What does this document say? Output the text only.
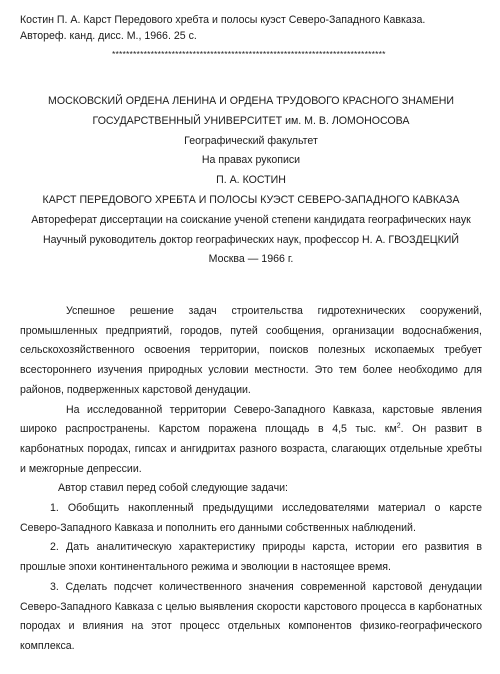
Костин П. А. Карст Передового хребта и полосы куэст Северо-Западного Кавказа.
Автореф. канд. дисс. М., 1966. 25 с.
******************************************************************************
МОСКОВСКИЙ ОРДЕНА ЛЕНИНА И ОРДЕНА ТРУДОВОГО КРАСНОГО ЗНАМЕНИ
ГОСУДАРСТВЕННЫЙ УНИВЕРСИТЕТ им. М. В. ЛОМОНОСОВА
Географический факультет
На правах рукописи
П. А. КОСТИН
КАРСТ ПЕРЕДОВОГО ХРЕБТА И ПОЛОСЫ КУЭСТ СЕВЕРО-ЗАПАДНОГО КАВКАЗА
Автореферат диссертации на соискание ученой степени кандидата географических наук
Научный руководитель доктор географических наук, профессор Н. А. ГВОЗДЕЦКИЙ
Москва — 1966 г.

Успешное решение задач строительства гидротехнических сооружений, промышленных предприятий, городов, путей сообщения, организации водоснабжения, сельскохозяйственного освоения территории, поисков полезных ископаемых требует всестороннего изучения природных условии местности. Это тем более необходимо для районов, подверженных карстовой денудации.

На исследованной территории Северо-Западного Кавказа, карстовые явления широко распространены. Карстом поражена площадь в 4,5 тыс. $км^2$. Он развит в карбонатных породах, гипсах и ангидритах разного возраста, слагающих отдельные хребты и межгорные депрессии.

Автор ставил перед собой следующие задачи:

1. Обобщить накопленный предыдущими исследователями материал о карсте Северо-Западного Кавказа и пополнить его данными собственных наблюдений.

2. Дать аналитическую характеристику природы карста, истории его развития в прошлые эпохи континентального режима и эволюции в настоящее время.

3. Сделать подсчет количественного значения современной карстовой денудации Северо-Западного Кавказа с целью выявления скорости карстового процесса в карбонатных породах и влияния на этот процесс отдельных компонентов физико-географического комплекса.
